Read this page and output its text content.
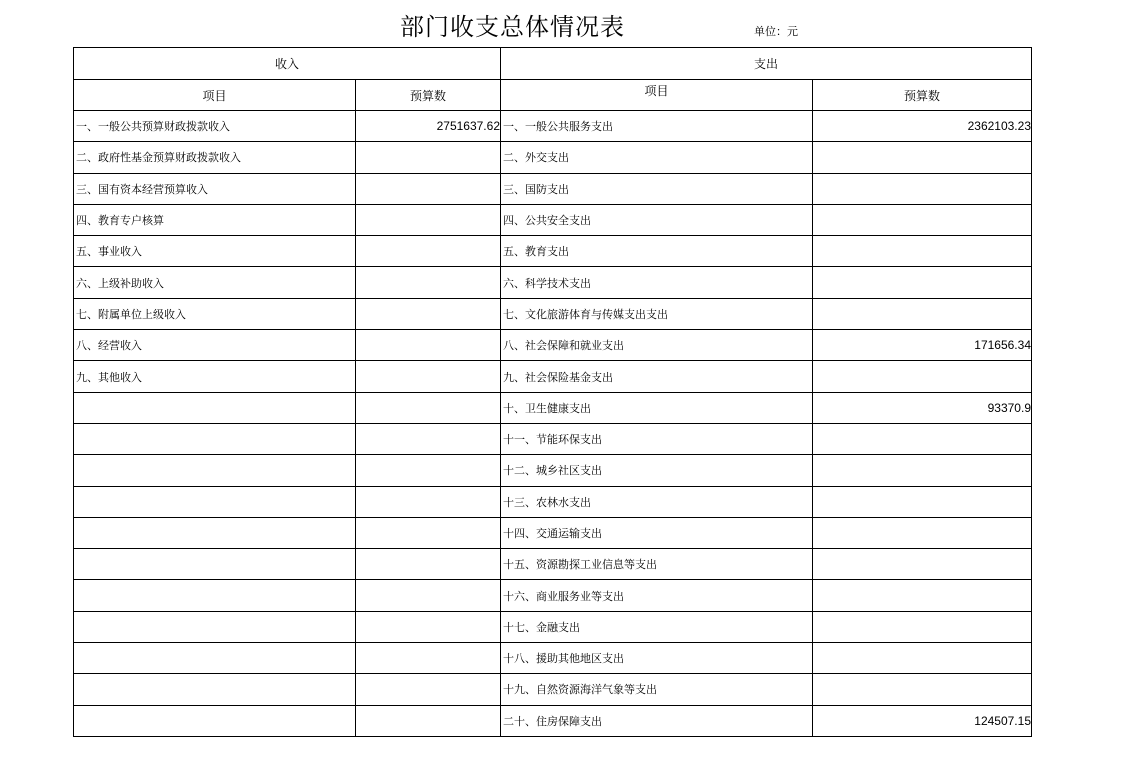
部门收支总体情况表	单位：元
收入		支出	
项目	预算数	项目	预算数
一、一般公共预算财政拨款收入	2751637.62	一、一般公共服务支出	2362103.23
二、政府性基金预算财政拨款收入		二、外交支出	
三、国有资本经营预算收入		三、国防支出	
四、教育专户核算		四、公共安全支出	
五、事业收入		五、教育支出	
六、上级补助收入		六、科学技术支出	
七、附属单位上级收入		七、文化旅游体育与传媒支出支出	
八、经营收入		八、社会保障和就业支出	171656.34
九、其他收入		九、社会保险基金支出	
		十、卫生健康支出	93370.9
		十一、节能环保支出	
		十二、城乡社区支出	
		十三、农林水支出	
		十四、交通运输支出	
		十五、资源勘探工业信息等支出	
		十六、商业服务业等支出	
		十七、金融支出	
		十八、援助其他地区支出	
		十九、自然资源海洋气象等支出	
		二十、住房保障支出	124507.15
